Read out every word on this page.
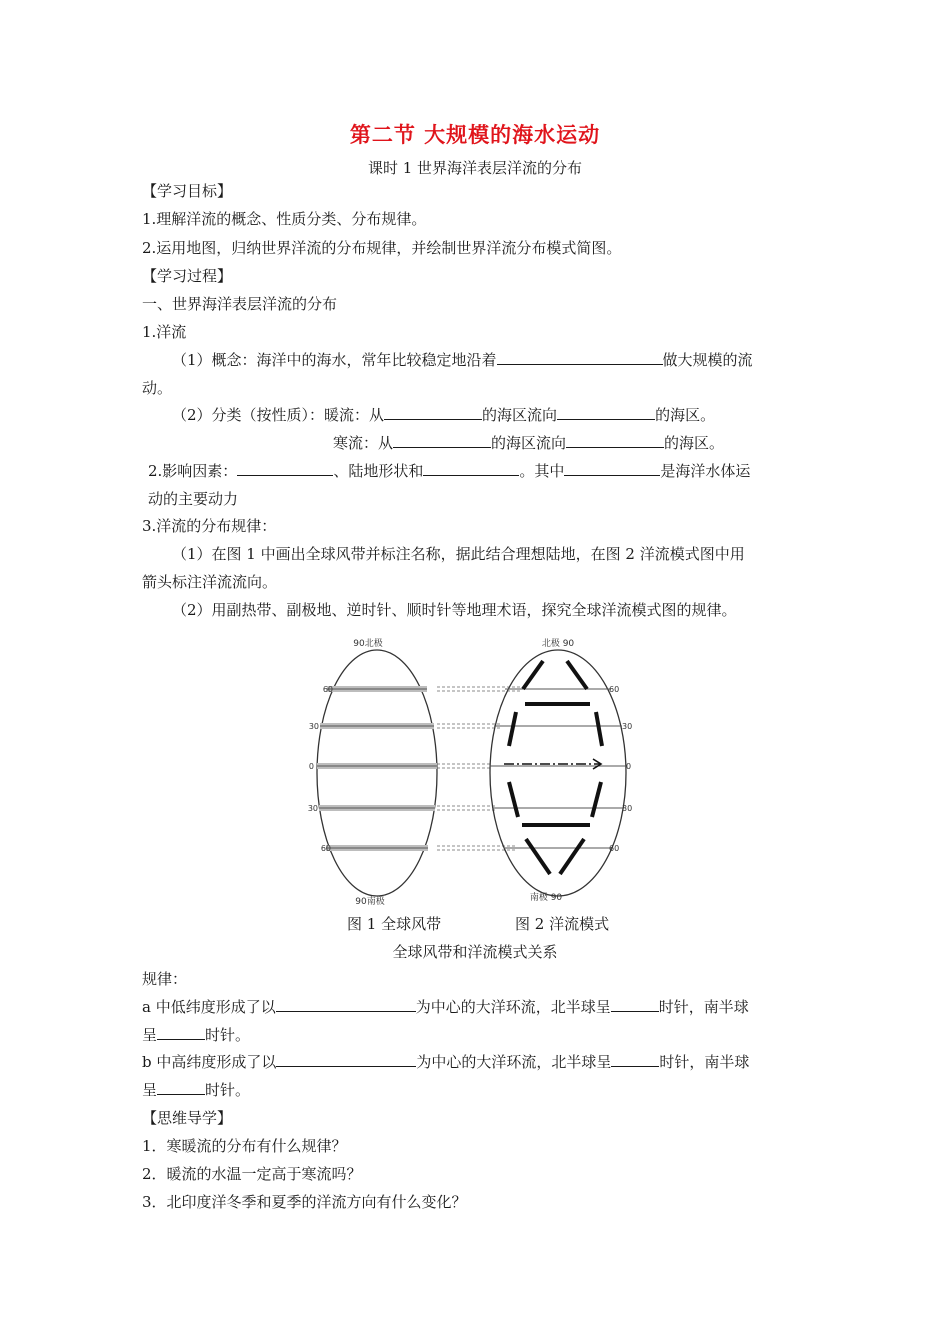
第二节 大规模的海水运动
课时 1 世界海洋表层洋流的分布
【学习目标】
1.理解洋流的概念、性质分类、分布规律。
2.运用地图，归纳世界洋流的分布规律，并绘制世界洋流分布模式简图。
【学习过程】
一、世界海洋表层洋流的分布
1.洋流
（1）概念：海洋中的海水，常年比较稳定地沿着	做大规模的流
动。
（2）分类（按性质）：暖流：从	的海区流向	的海区。
寒流：从	的海区流向	的海区。
2.影响因素：	、陆地形状和	。其中	是海洋水体运
动的主要动力
3.洋流的分布规律：
（1）在图 1 中画出全球风带并标注名称，据此结合理想陆地，在图 2 洋流模式图中用
箭头标注洋流流向。
（2）用副热带、副极地、逆时针、顺时针等地理术语，探究全球洋流模式图的规律。
90北极
90南极
60
30
0
30
60
北极 90
南极 90
60
30
0
30
60
图 1 全球风带	图 2 洋流模式
全球风带和洋流模式关系
规律：
a 中低纬度形成了以	为中心的大洋环流，北半球呈	时针，南半球
呈	时针。
b 中高纬度形成了以	为中心的大洋环流，北半球呈	时针，南半球
呈	时针。
【思维导学】
1．寒暖流的分布有什么规律？
2．暖流的水温一定高于寒流吗？
3．北印度洋冬季和夏季的洋流方向有什么变化？
